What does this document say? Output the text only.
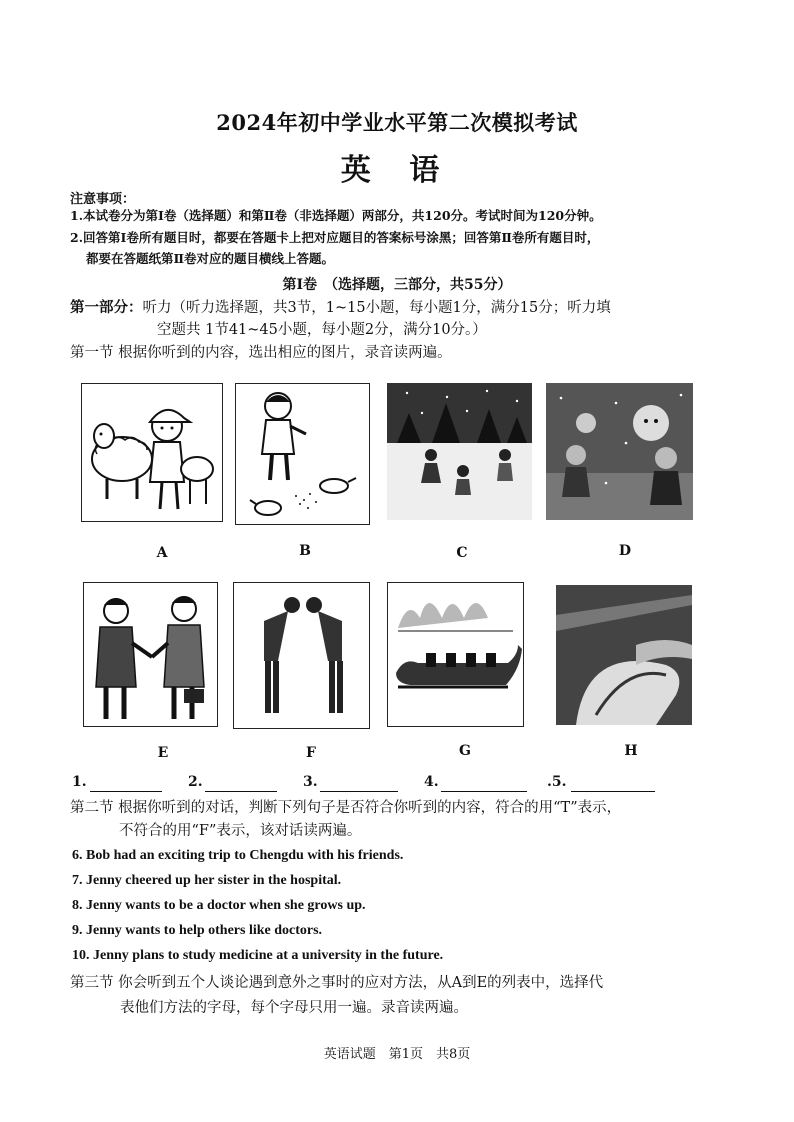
2024年初中学业水平第二次模拟考试
英 语
注意事项：
1.本试卷分为第Ⅰ卷（选择题）和第Ⅱ卷（非选择题）两部分，共120分。考试时间为120分钟。
2.回答第Ⅰ卷所有题目时，都要在答题卡上把对应题目的答案标号涂黑；回答第Ⅱ卷所有题目时，
都要在答题纸第Ⅱ卷对应的题目横线上答题。
第Ⅰ卷　（选择题，三部分，共55分）
第一部分：听力（听力选择题，共3节，1~15小题，每小题1分，满分15分；听力填
空题共 1节41~45小题，每小题2分，满分10分。）
第一节 根据你听到的内容，选出相应的图片，录音读两遍。
A	B	C	D
E	F	G	H
1.	2.	3.	4.	.5.
第二节 根据你听到的对话，判断下列句子是否符合你听到的内容，符合的用“T”表示，
不符合的用“F”表示，该对话读两遍。
6. Bob had an exciting trip to Chengdu with his friends.
7. Jenny cheered up her sister in the hospital.
8. Jenny wants to be a doctor when she grows up.
9. Jenny wants to help others like doctors.
10. Jenny plans to study medicine at a university in the future.
第三节 你会听到五个人谈论遇到意外之事时的应对方法，从A到E的列表中，选择代
表他们方法的字母，每个字母只用一遍。录音读两遍。
英语试题　第1页　共8页
